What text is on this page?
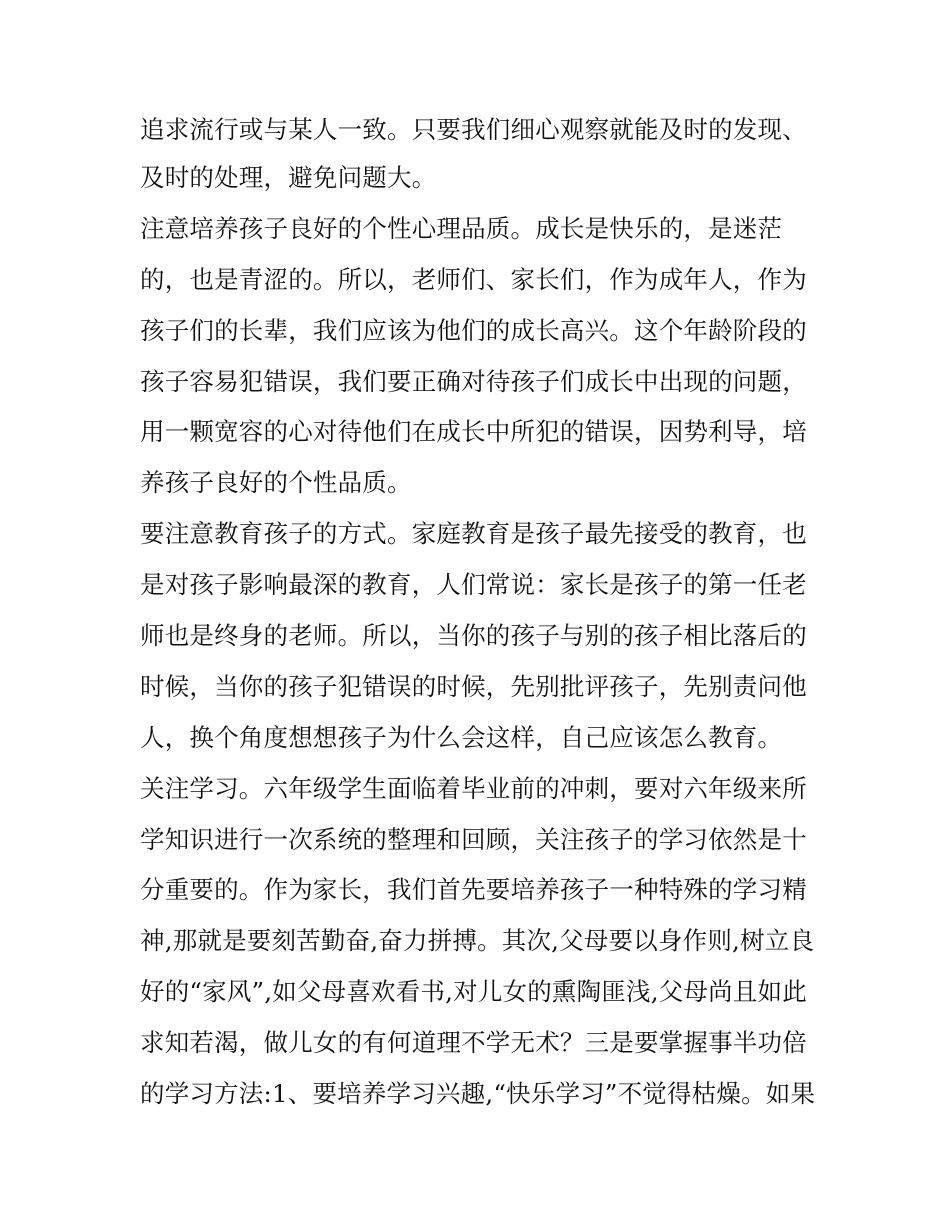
追求流行或与某人一致。只要我们细心观察就能及时的发现、
及时的处理，避免问题大。
注意培养孩子良好的个性心理品质。成长是快乐的，是迷茫
的，也是青涩的。所以，老师们、家长们，作为成年人，作为
孩子们的长辈，我们应该为他们的成长高兴。这个年龄阶段的
孩子容易犯错误，我们要正确对待孩子们成长中出现的问题，
用一颗宽容的心对待他们在成长中所犯的错误，因势利导，培
养孩子良好的个性品质。
要注意教育孩子的方式。家庭教育是孩子最先接受的教育，也
是对孩子影响最深的教育，人们常说：家长是孩子的第一任老
师也是终身的老师。所以，当你的孩子与别的孩子相比落后的
时候，当你的孩子犯错误的时候，先别批评孩子，先别责问他
人，换个角度想想孩子为什么会这样，自己应该怎么教育。
关注学习。六年级学生面临着毕业前的冲刺，要对六年级来所
学知识进行一次系统的整理和回顾，关注孩子的学习依然是十
分重要的。作为家长，我们首先要培养孩子一种特殊的学习精
神,那就是要刻苦勤奋,奋力拼搏。其次,父母要以身作则,树立良
好的“家风”,如父母喜欢看书,对儿女的熏陶匪浅,父母尚且如此
求知若渴，做儿女的有何道理不学无术？三是要掌握事半功倍
的学习方法:1、要培养学习兴趣,“快乐学习”不觉得枯燥。如果
